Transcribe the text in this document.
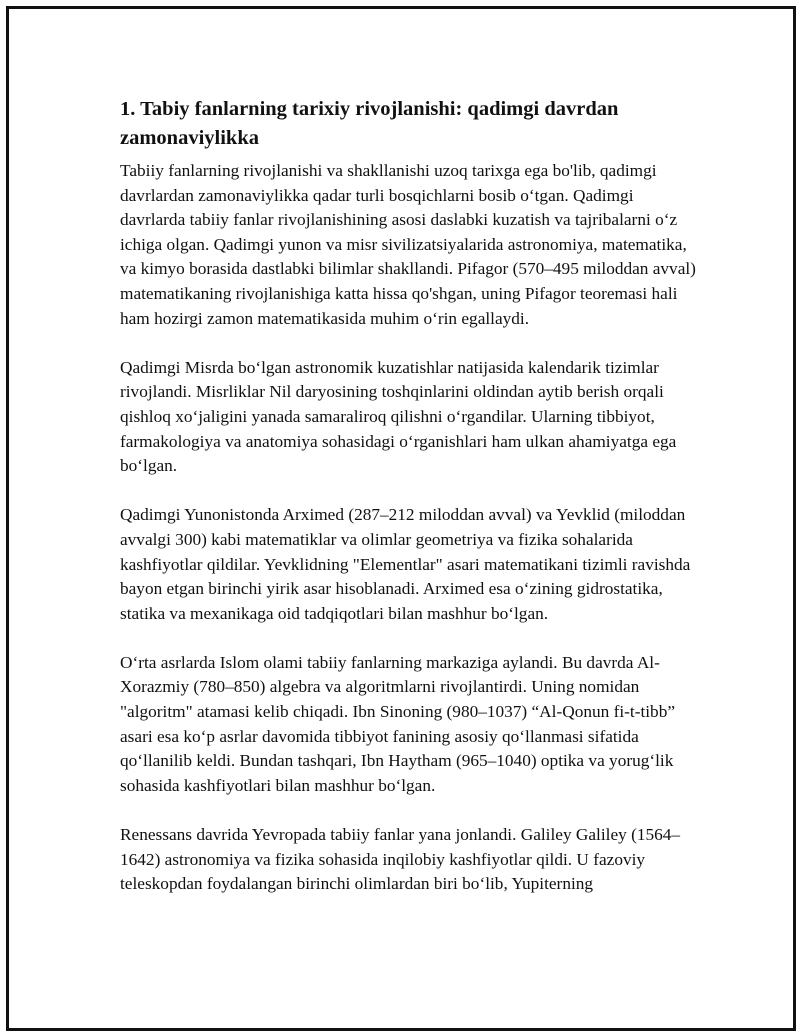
1. Tabiy fanlarning tarixiy rivojlanishi: qadimgi davrdan zamonaviylikka

Tabiiy fanlarning rivojlanishi va shakllanishi uzoq tarixga ega bo'lib, qadimgi davrlardan zamonaviylikka qadar turli bosqichlarni bosib o‘tgan. Qadimgi davrlarda tabiiy fanlar rivojlanishining asosi daslabki kuzatish va tajribalarni o‘z ichiga olgan. Qadimgi yunon va misr sivilizatsiyalarida astronomiya, matematika, va kimyo borasida dastlabki bilimlar shakllandi. Pifagor (570–495 miloddan avval) matematikaning rivojlanishiga katta hissa qo'shgan, uning Pifagor teoremasi hali ham hozirgi zamon matematikasida muhim o‘rin egallaydi.

Qadimgi Misrda bo‘lgan astronomik kuzatishlar natijasida kalendarik tizimlar rivojlandi. Misrliklar Nil daryosining toshqinlarini oldindan aytib berish orqali qishloq xo‘jaligini yanada samaraliroq qilishni o‘rgandilar. Ularning tibbiyot, farmakologiya va anatomiya sohasidagi o‘rganishlari ham ulkan ahamiyatga ega bo‘lgan.

Qadimgi Yunonistonda Arximed (287–212 miloddan avval) va Yevklid (miloddan avvalgi 300) kabi matematiklar va olimlar geometriya va fizika sohalarida kashfiyotlar qildilar. Yevklidning "Elementlar" asari matematikani tizimli ravishda bayon etgan birinchi yirik asar hisoblanadi. Arximed esa o‘zining gidrostatika, statika va mexanikaga oid tadqiqotlari bilan mashhur bo‘lgan.

O‘rta asrlarda Islom olami tabiiy fanlarning markaziga aylandi. Bu davrda Al-Xorazmiy (780–850) algebra va algoritmlarni rivojlantirdi. Uning nomidan "algoritm" atamasi kelib chiqadi. Ibn Sinoning (980–1037) “Al-Qonun fi-t-tibb” asari esa ko‘p asrlar davomida tibbiyot fanining asosiy qo‘llanmasi sifatida qo‘llanilib keldi. Bundan tashqari, Ibn Haytham (965–1040) optika va yorug‘lik sohasida kashfiyotlari bilan mashhur bo‘lgan.

Renessans davrida Yevropada tabiiy fanlar yana jonlandi. Galiley Galiley (1564–1642) astronomiya va fizika sohasida inqilobiy kashfiyotlar qildi. U fazoviy teleskopdan foydalangan birinchi olimlardan biri bo‘lib, Yupiterning
